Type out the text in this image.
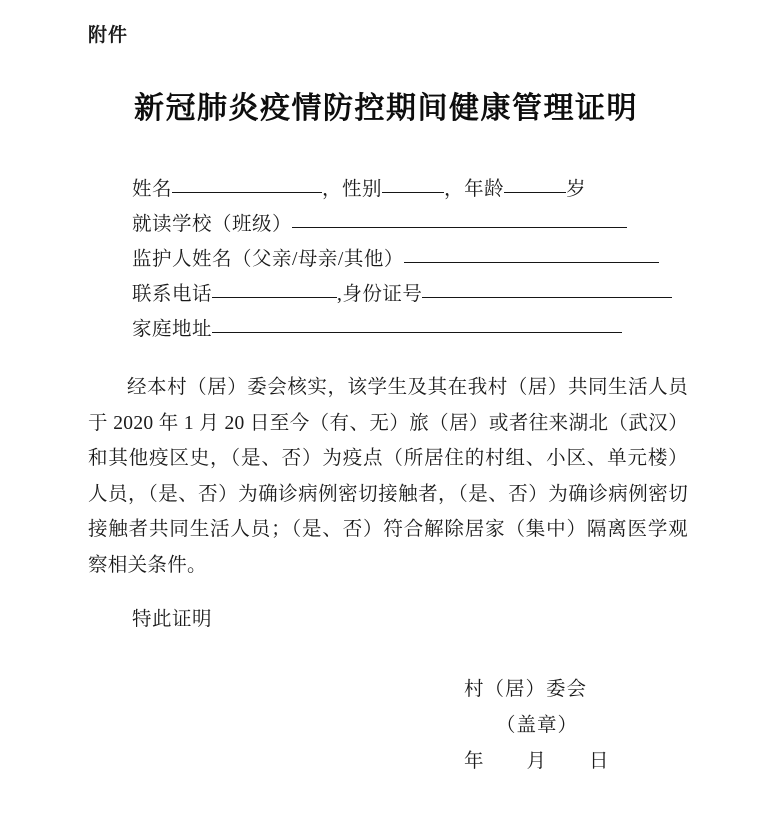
附件
新冠肺炎疫情防控期间健康管理证明
姓名	，性别	，年龄	岁
就读学校（班级）
监护人姓名（父亲/母亲/其他）
联系电话	,身份证号
家庭地址
经本村（居）委会核实，该学生及其在我村（居）共同生活人员于 2020 年 1 月 20 日至今（有、无）旅（居）或者往来湖北（武汉）和其他疫区史，（是、否）为疫点（所居住的村组、小区、单元楼）人员，（是、否）为确诊病例密切接触者，（是、否）为确诊病例密切接触者共同生活人员；（是、否）符合解除居家（集中）隔离医学观察相关条件。
特此证明
村（居）委会
（盖章）
年 月 日
